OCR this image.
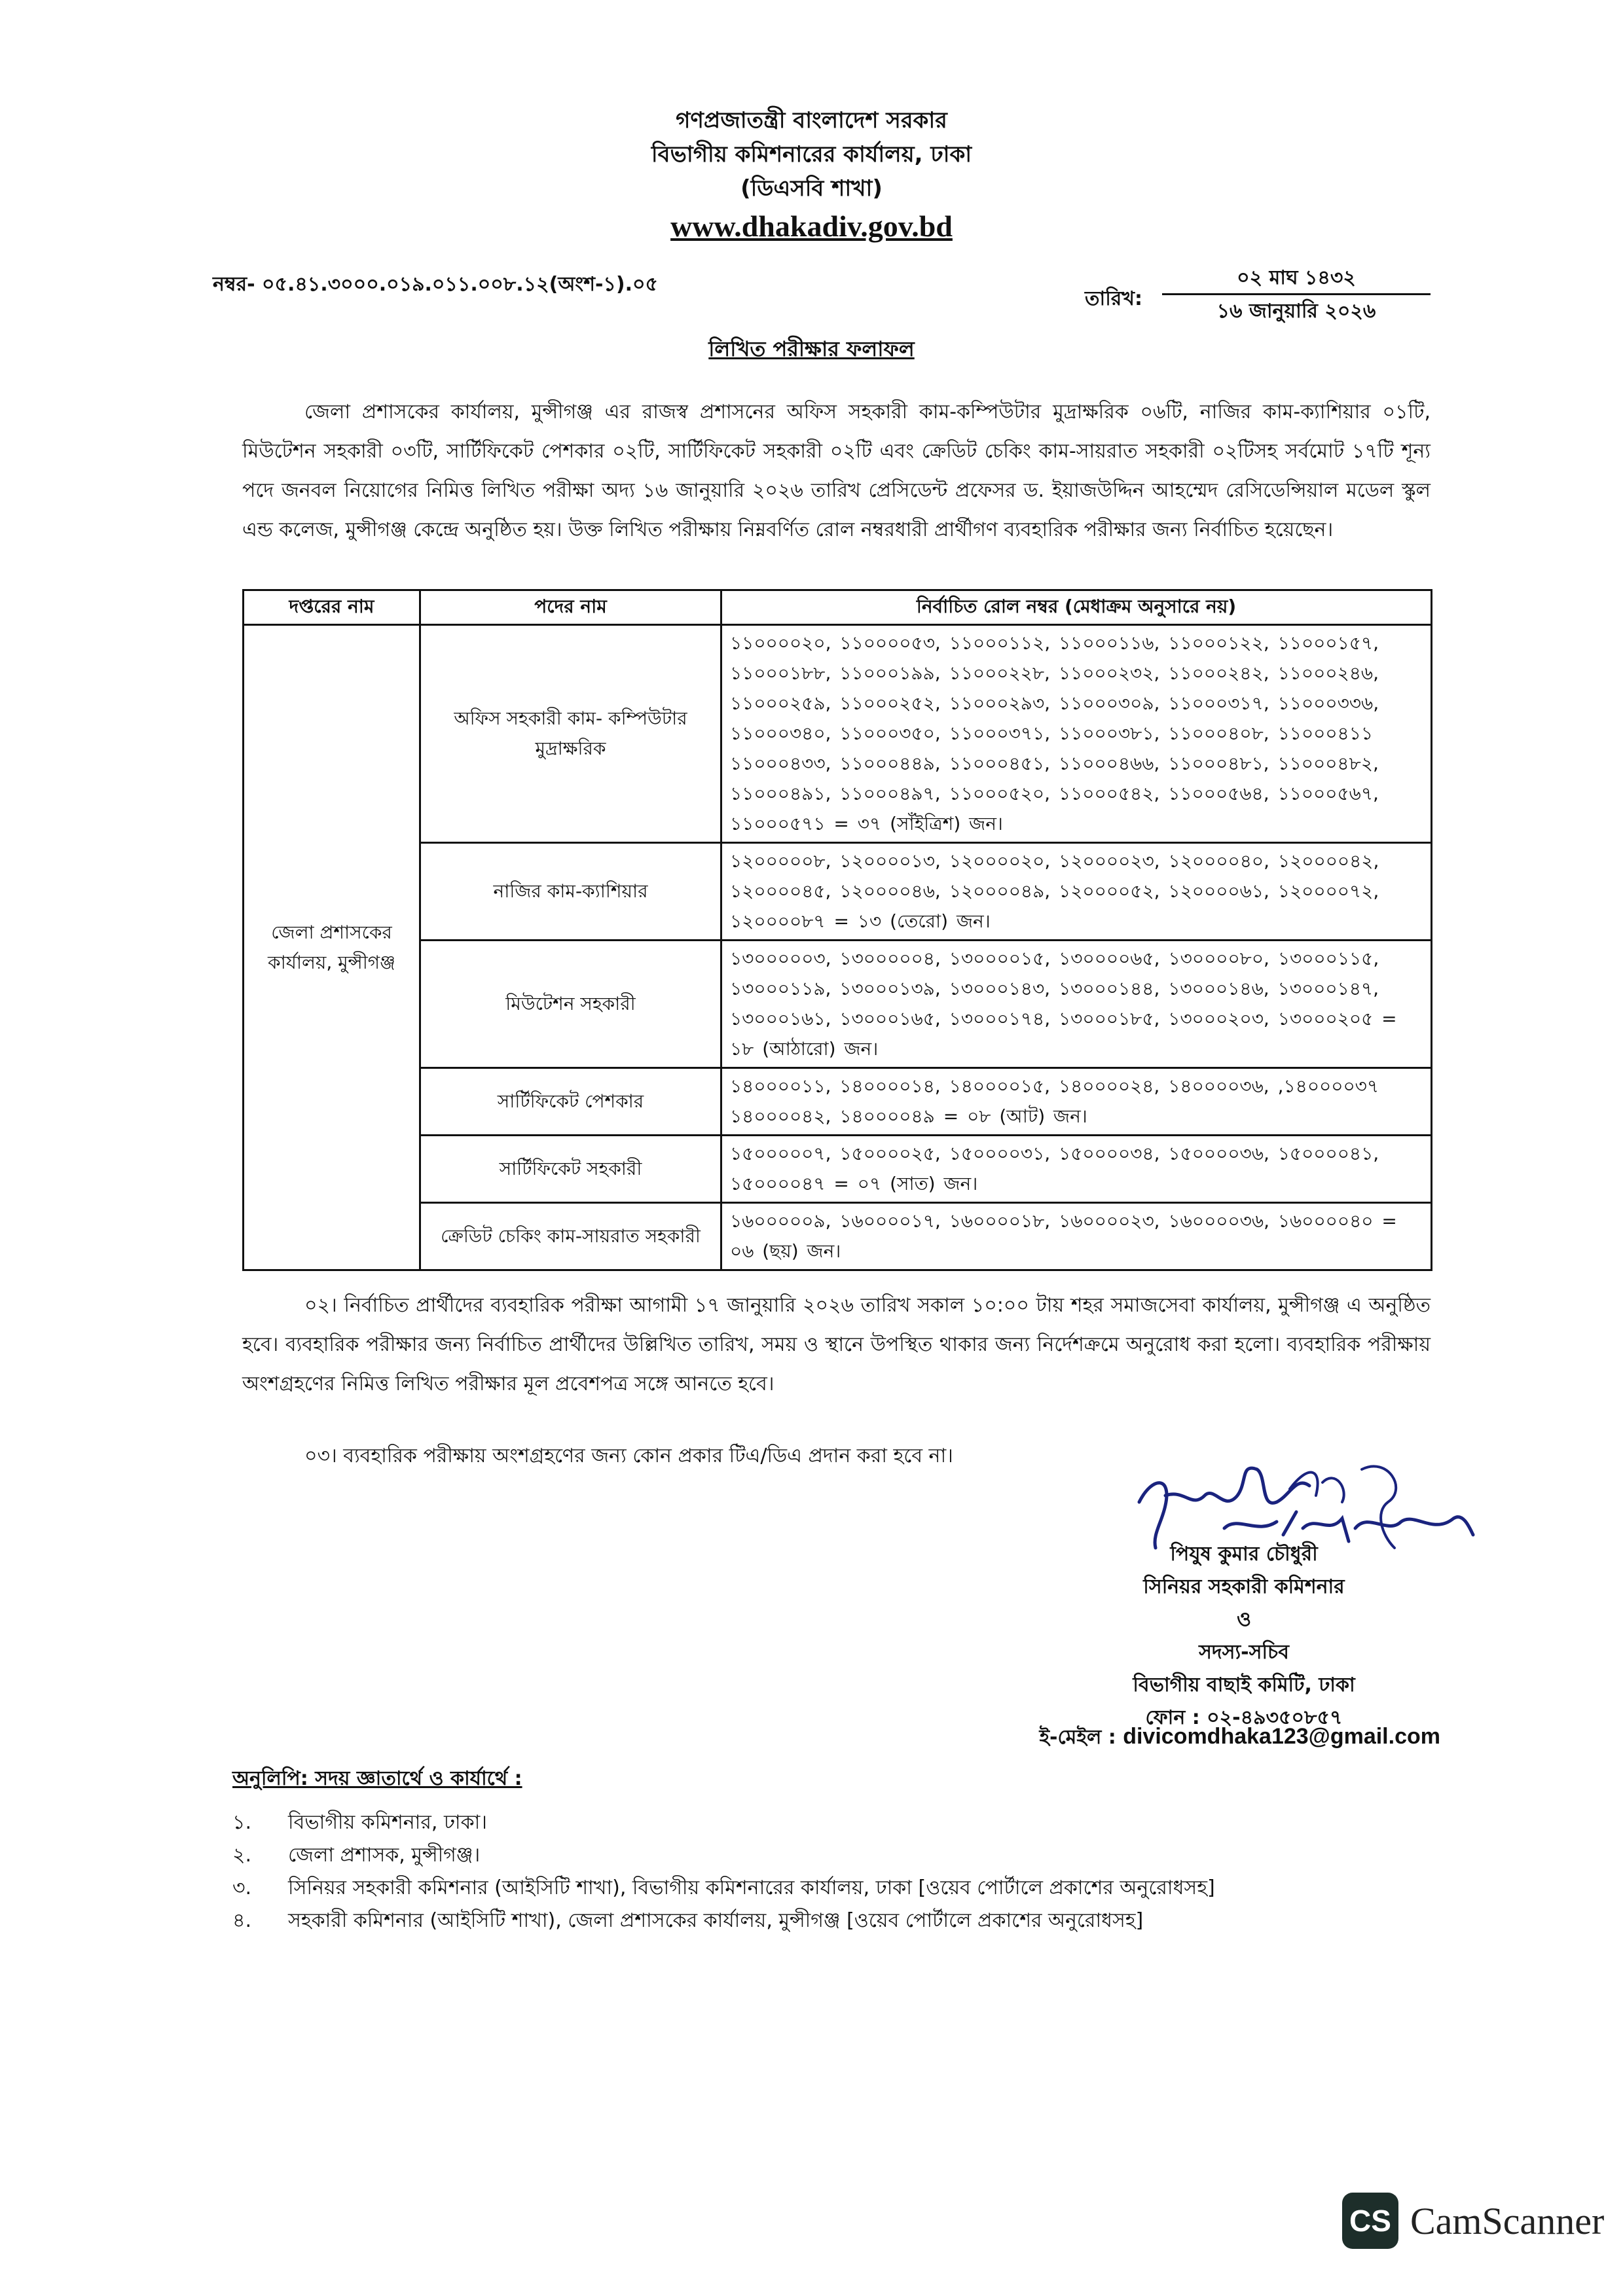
গণপ্রজাতন্ত্রী বাংলাদেশ সরকার
বিভাগীয় কমিশনারের কার্যালয়, ঢাকা
(ডিএসবি শাখা)
www.dhakadiv.gov.bd
নম্বর- ০৫.৪১.৩০০০.০১৯.০১১.০০৮.১২(অংশ-১).০৫
তারিখ:
০২ মাঘ ১৪৩২
১৬ জানুয়ারি ২০২৬
লিখিত পরীক্ষার ফলাফল
জেলা প্রশাসকের কার্যালয়, মুন্সীগঞ্জ এর রাজস্ব প্রশাসনের অফিস সহকারী কাম-কম্পিউটার মুদ্রাক্ষরিক ০৬টি, নাজির কাম-ক্যাশিয়ার ০১টি, মিউটেশন সহকারী ০৩টি, সার্টিফিকেট পেশকার ০২টি, সার্টিফিকেট সহকারী ০২টি এবং ক্রেডিট চেকিং কাম-সায়রাত সহকারী ০২টিসহ সর্বমোট ১৭টি শূন্য পদে জনবল নিয়োগের নিমিত্ত লিখিত পরীক্ষা অদ্য ১৬ জানুয়ারি ২০২৬ তারিখ প্রেসিডেন্ট প্রফেসর ড. ইয়াজউদ্দিন আহম্মেদ রেসিডেন্সিয়াল মডেল স্কুল এন্ড কলেজ, মুন্সীগঞ্জ কেন্দ্রে অনুষ্ঠিত হয়। উক্ত লিখিত পরীক্ষায় নিম্নবর্ণিত রোল নম্বরধারী প্রার্থীগণ ব্যবহারিক পরীক্ষার জন্য নির্বাচিত হয়েছেন।
দপ্তরের নাম	পদের নাম	নির্বাচিত রোল নম্বর (মেধাক্রম অনুসারে নয়)
জেলা প্রশাসকের কার্যালয়, মুন্সীগঞ্জ	অফিস সহকারী কাম- কম্পিউটার মুদ্রাক্ষরিক	১১০০০০২০, ১১০০০০৫৩, ১১০০০১১২, ১১০০০১১৬, ১১০০০১২২, ১১০০০১৫৭, ১১০০০১৮৮, ১১০০০১৯৯, ১১০০০২২৮, ১১০০০২৩২, ১১০০০২৪২, ১১০০০২৪৬, ১১০০০২৫৯, ১১০০০২৫২, ১১০০০২৯৩, ১১০০০৩০৯, ১১০০০৩১৭, ১১০০০৩৩৬, ১১০০০৩৪০, ১১০০০৩৫০, ১১০০০৩৭১, ১১০০০৩৮১, ১১০০০৪০৮, ১১০০০৪১১ ১১০০০৪৩৩, ১১০০০৪৪৯, ১১০০০৪৫১, ১১০০০৪৬৬, ১১০০০৪৮১, ১১০০০৪৮২, ১১০০০৪৯১, ১১০০০৪৯৭, ১১০০০৫২০, ১১০০০৫৪২, ১১০০০৫৬৪, ১১০০০৫৬৭, ১১০০০৫৭১ = ৩৭ (সাঁইত্রিশ) জন।
	নাজির কাম-ক্যাশিয়ার	১২০০০০০৮, ১২০০০০১৩, ১২০০০০২০, ১২০০০০২৩, ১২০০০০৪০, ১২০০০০৪২, ১২০০০০৪৫, ১২০০০০৪৬, ১২০০০০৪৯, ১২০০০০৫২, ১২০০০০৬১, ১২০০০০৭২, ১২০০০০৮৭ = ১৩ (তেরো) জন।
	মিউটেশন সহকারী	১৩০০০০০৩, ১৩০০০০০৪, ১৩০০০০১৫, ১৩০০০০৬৫, ১৩০০০০৮০, ১৩০০০১১৫, ১৩০০০১১৯, ১৩০০০১৩৯, ১৩০০০১৪৩, ১৩০০০১৪৪, ১৩০০০১৪৬, ১৩০০০১৪৭, ১৩০০০১৬১, ১৩০০০১৬৫, ১৩০০০১৭৪, ১৩০০০১৮৫, ১৩০০০২০৩, ১৩০০০২০৫ = ১৮ (আঠারো) জন।
	সার্টিফিকেট পেশকার	১৪০০০০১১, ১৪০০০০১৪, ১৪০০০০১৫, ১৪০০০০২৪, ১৪০০০০৩৬, ,১৪০০০০৩৭ ১৪০০০০৪২, ১৪০০০০৪৯ = ০৮ (আট) জন।
	সার্টিফিকেট সহকারী	১৫০০০০০৭, ১৫০০০০২৫, ১৫০০০০৩১, ১৫০০০০৩৪, ১৫০০০০৩৬, ১৫০০০০৪১, ১৫০০০০৪৭ = ০৭ (সাত) জন।
	ক্রেডিট চেকিং কাম-সায়রাত সহকারী	১৬০০০০০৯, ১৬০০০০১৭, ১৬০০০০১৮, ১৬০০০০২৩, ১৬০০০০৩৬, ১৬০০০০৪০ = ০৬ (ছয়) জন।
০২। নির্বাচিত প্রার্থীদের ব্যবহারিক পরীক্ষা আগামী ১৭ জানুয়ারি ২০২৬ তারিখ সকাল ১০:০০ টায় শহর সমাজসেবা কার্যালয়, মুন্সীগঞ্জ এ অনুষ্ঠিত হবে। ব্যবহারিক পরীক্ষার জন্য নির্বাচিত প্রার্থীদের উল্লিখিত তারিখ, সময় ও স্থানে উপস্থিত থাকার জন্য নির্দেশক্রমে অনুরোধ করা হলো। ব্যবহারিক পরীক্ষায় অংশগ্রহণের নিমিত্ত লিখিত পরীক্ষার মূল প্রবেশপত্র সঙ্গে আনতে হবে।
০৩। ব্যবহারিক পরীক্ষায় অংশগ্রহণের জন্য কোন প্রকার টিএ/ডিএ প্রদান করা হবে না।
পিযুষ কুমার চৌধুরী
সিনিয়র সহকারী কমিশনার
ও
সদস্য-সচিব
বিভাগীয় বাছাই কমিটি, ঢাকা
ফোন : ০২-৪৯৩৫০৮৫৭
ই-মেইল : divicomdhaka123@gmail.com
অনুলিপি: সদয় জ্ঞাতার্থে ও কার্যার্থে :
১.	বিভাগীয় কমিশনার, ঢাকা।
২.	জেলা প্রশাসক, মুন্সীগঞ্জ।
৩.	সিনিয়র সহকারী কমিশনার (আইসিটি শাখা), বিভাগীয় কমিশনারের কার্যালয়, ঢাকা [ওয়েব পোর্টালে প্রকাশের অনুরোধসহ]
৪.	সহকারী কমিশনার (আইসিটি শাখা), জেলা প্রশাসকের কার্যালয়, মুন্সীগঞ্জ [ওয়েব পোর্টালে প্রকাশের অনুরোধসহ]
CS CamScanner
